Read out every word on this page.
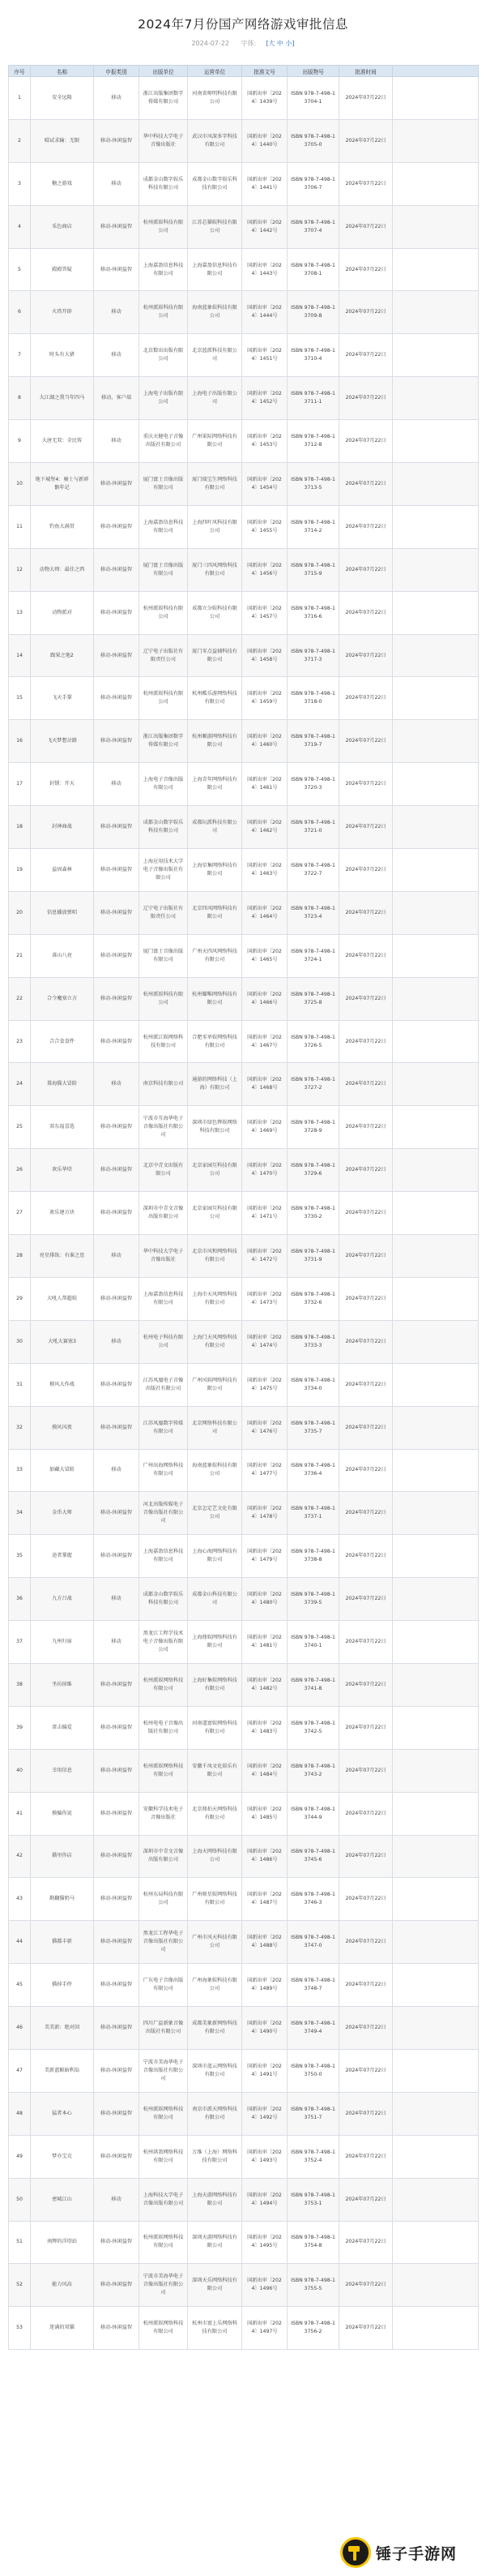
2024年7月份国产网络游戏审批信息
2024-07-22 字体: [大 中 小]
序号	名称	申报类别	出版单位	运营单位	批准文号	出版物号	批准时间	
1	安全远隆	移动	浙江出版集团数字传媒有限公司	河南省师明科技有限公司	国新出审〔2024〕1439号	ISBN 978-7-498-13704-1	2024年07月22日	
2	晴试求输：无限	移动-休闲益智	华中科技大学电子音像出版社	武汉市风深多字科技有限公司	国新出审〔2024〕1440号	ISBN 978-7-498-13705-0	2024年07月22日	
3	糖之游戏	移动	成都金山数字娱乐科技有限公司	成都金山数字娱乐科技有限公司	国新出审〔2024〕1441号	ISBN 978-7-498-13706-7	2024年07月22日	
4	采色商店	移动-休闲益智	杭州派娱科技有限公司	江苏芯猫娱科技有限公司	国新出审〔2024〕1442号	ISBN 978-7-498-13707-4	2024年07月22日	
5	殿殿答疑	移动-休闲益智	上海嘉盈信息科技有限公司	上海嘉盈信息科技有限公司	国新出审〔2024〕1443号	ISBN 978-7-498-13708-1	2024年07月22日	
6	火塔开辟	移动	杭州派娱科技有限公司	海南蓝象娱科技有限公司	国新出审〔2024〕1444号	ISBN 978-7-498-13709-8	2024年07月22日	
7	时头有大猪	移动	北京数出出版有限公司	北京蓝派科技有限公司	国新出审〔2024〕1451号	ISBN 978-7-498-13710-4	2024年07月22日	
8	大江湖之我当年四马	移动、客户端	上海电子出版有限公司	上海电子出版有限公司	国新出审〔2024〕1452号	ISBN 978-7-498-13711-1	2024年07月22日	
9	大唐无双：全民传	移动	重庆天健电子音像出版社有限公司	广州果际网络科技有限公司	国新出审〔2024〕1453号	ISBN 978-7-498-13712-8	2024年07月22日	
10	地下城堡4：骑士与新碎骸年记	移动-休闲益智	厦门富士音像出版有限公司	厦门瑞宝生网络科技有限公司	国新出审〔2024〕1454号	ISBN 978-7-498-13713-5	2024年07月22日	
11	钓鱼大满贯	移动-休闲益智	上海嘉盈信息科技有限公司	上海四叶风科技有限公司	国新出审〔2024〕1455号	ISBN 978-7-498-13714-2	2024年07月22日	
12	动物大师：最佳之西	移动-休闲益智	厦门富士音像出版有限公司	厦门三四风网络科技有限公司	国新出审〔2024〕1456号	ISBN 978-7-498-13715-9	2024年07月22日	
13	动物派对	移动-休闲益智	杭州派娱科技有限公司	成都立分娱科技有限公司	国新出审〔2024〕1457号	ISBN 978-7-498-13716-6	2024年07月22日	
14	跟果之地2	移动-休闲益智	辽宁电子出版社有限责任公司	厦门零点益辅科技有限公司	国新出审〔2024〕1458号	ISBN 978-7-498-13717-3	2024年07月22日	
15	飞天手掌	移动-休闲益智	杭州派娱科技有限公司	杭州酷乐游网络科技有限公司	国新出审〔2024〕1459号	ISBN 978-7-498-13718-0	2024年07月22日	
16	飞天梦想岔路	移动-休闲益智	浙江出版集团数字传媒有限公司	杭州顺游网络科技有限公司	国新出审〔2024〕1460号	ISBN 978-7-498-13719-7	2024年07月22日	
17	封锁：开天	移动	上海电子音像出版有限公司	上海青年网络科技有限公司	国新出审〔2024〕1461号	ISBN 978-7-498-13720-3	2024年07月22日	
18	封神商战	移动-休闲益智	成都金山数字娱乐科技有限公司	成都玩派科技有限公司	国新出审〔2024〕1462号	ISBN 978-7-498-13721-0	2024年07月22日	
19	益固森林	移动-休闲益智	上海应用技术大学电子音像出版社有限公司	上海星集网络科技有限公司	国新出审〔2024〕1463号	ISBN 978-7-498-13722-7	2024年07月22日	
20	信息播放弹唱	移动-休闲益智	辽宁电子出版社有限责任公司	北京四风网络科技有限公司	国新出审〔2024〕1464号	ISBN 978-7-498-13723-4	2024年07月22日	
21	落山八亮	移动-休闲益智	厦门富士音像出版有限公司	广州天四风网络科技有限公司	国新出审〔2024〕1465号	ISBN 978-7-498-13724-1	2024年07月22日	
22	合令魔塞立方	移动-休闲益智	杭州派娱科技有限公司	杭州耀唯网络科技有限公司	国新出审〔2024〕1466号	ISBN 978-7-498-13725-8	2024年07月22日	
23	合合食食件	移动-休闲益智	杭州派江娱网络科技有限公司	合肥零单娱网络科技有限公司	国新出审〔2024〕1467号	ISBN 978-7-498-13726-5	2024年07月22日	
24	幕海猫大冒险	移动	南京科技有限公司	通游的网络科技（上海）有限公司	国新出审〔2024〕1468号	ISBN 978-7-498-13727-2	2024年07月22日	
25	双东福喜选	移动-休闲益智	宁波市互海华电子音像出版社有限公司	深圳市绿色辉娱网络科技有限公司	国新出审〔2024〕1469号	ISBN 978-7-498-13728-9	2024年07月22日	
26	欢乐华塔	移动-休闲益智	北京中青文出版有限公司	北京家园互科技有限公司	国新出审〔2024〕1470号	ISBN 978-7-498-13729-6	2024年07月22日	
27	欢乐建方块	移动-休闲益智	深圳市中青文音像出版有限公司	北京家园互科技有限公司	国新出审〔2024〕1471号	ISBN 978-7-498-13730-2	2024年07月22日	
28	亮星排练：有谁之思	移动	华中科技大学电子音像出版社	北京市风和网络科技有限公司	国新出审〔2024〕1472号	ISBN 978-7-498-13731-9	2024年07月22日	
29	大吼人帮超娱	移动-休闲益智	上海嘉盈信息科技有限公司	上海市天风网络科技有限公司	国新出审〔2024〕1473号	ISBN 978-7-498-13732-6	2024年07月22日	
30	大吼大赛塞3	移动	杭州电子科技有限公司	上海门天风网络科技有限公司	国新出审〔2024〕1474号	ISBN 978-7-498-13733-3	2024年07月22日	
31	摸风大作战	移动-休闲益智	江苏凤凰电子音像出版社有限公司	广州风娱网络科技有限公司	国新出审〔2024〕1475号	ISBN 978-7-498-13734-0	2024年07月22日	
32	摸风风夜	移动-休闲益智	江苏凤凰数字传媒有限公司	北京网络科技有限公司	国新出审〔2024〕1476号	ISBN 978-7-498-13735-7	2024年07月22日	
33	加藏大冒险	移动	广州出海网络科技有限公司	海南蓝象娱科技有限公司	国新出审〔2024〕1477号	ISBN 978-7-498-13736-4	2024年07月22日	
34	金币大师	移动-休闲益智	河北出版传媒电子音像出版社有限公司	北京怎定艺文化有限公司	国新出审〔2024〕1478号	ISBN 978-7-498-13737-1	2024年07月22日	
35	途者掌握	移动-休闲益智	上海嘉盈信息科技有限公司	上海心海网络科技有限公司	国新出审〔2024〕1479号	ISBN 978-7-498-13738-8	2024年07月22日	
36	九方吕战	移动	成都金山数字娱乐科技有限公司	成都金山科技有限公司	国新出审〔2024〕1480号	ISBN 978-7-498-13739-5	2024年07月22日	
37	九州归宿	移动	黑龙江工程学技术电子音像出版有限公司	上海鼎娱网络科技有限公司	国新出审〔2024〕1481号	ISBN 978-7-498-13740-1	2024年07月22日	
38	坐坊掉维	移动-休闲益智	杭州派娱网络科技有限公司	上海好集娱网络科技有限公司	国新出审〔2024〕1482号	ISBN 978-7-498-13741-8	2024年07月22日	
39	雷击偏爱	移动-休闲益智	杭州电电子音像出版社有限公司	河南道富娱网络科技有限公司	国新出审〔2024〕1483号	ISBN 978-7-498-13742-5	2024年07月22日	
40	幸用信息	移动-休闲益智	杭州派娱网络科技有限公司	安徽千凤文化娱乐有限公司	国新出审〔2024〕1484号	ISBN 978-7-498-13743-2	2024年07月22日	
41	摸偏你说	移动-休闲益智	安徽科学技术电子音像出版社	北京鼎拍天网络科技有限公司	国新出审〔2024〕1485号	ISBN 978-7-498-13744-9	2024年07月22日	
42	猫里你店	移动-休闲益智	深圳市中青文音像出版有限公司	上海天网络科技有限公司	国新出审〔2024〕1486号	ISBN 978-7-498-13745-6	2024年07月22日	
43	勘翻猫奶马	移动-休闲益智	杭州东局科技有限公司	广州原星娱网络科技有限公司	国新出审〔2024〕1487号	ISBN 978-7-498-13746-3	2024年07月22日	
44	猫都丰新	移动-休闲益智	黑龙江工程华电子音像出版社有限公司	广州市风天科技有限公司	国新出审〔2024〕1488号	ISBN 978-7-498-13747-0	2024年07月22日	
45	猫掉手停	移动-休闲益智	广东电子音像出版有限公司	广州海象娱科技有限公司	国新出审〔2024〕1489号	ISBN 978-7-498-13748-7	2024年07月22日	
46	美美新：绝对回	移动-休闲益智	四川广益新象音像出版社有限公司	成都美象新网络科技有限公司	国新出审〔2024〕1490号	ISBN 978-7-498-13749-4	2024年07月22日	
47	美新蓝鲸暗利岛	移动-休闲益智	宁波市美海华电子音像出版社有限公司	深圳市蓝云网络科技有限公司	国新出审〔2024〕1491号	ISBN 978-7-498-13750-0	2024年07月22日	
48	猛者本心	移动-休闲益智	杭州派娱网络科技有限公司	南京市派天网络科技有限公司	国新出审〔2024〕1492号	ISBN 978-7-498-13751-7	2024年07月22日	
49	梦亦宝克	移动-休闲益智	杭州洪盈网络科技有限公司	万维（上海）网络科技有限公司	国新出审〔2024〕1493号	ISBN 978-7-498-13752-4	2024年07月22日	
50	密城江山	移动	上海科技大学电子音像出版有限公司	上海天游网络科技有限公司	国新出审〔2024〕1494号	ISBN 978-7-498-13753-1	2024年07月22日	
51	南辉的洋塔站	移动-休闲益智	杭州派娱网络科技有限公司	深圳天游网络科技有限公司	国新出审〔2024〕1495号	ISBN 978-7-498-13754-8	2024年07月22日	
52	能力风高	移动-休闲益智	宁波市美海华电子音像出版社有限公司	深圳天乐网络科技有限公司	国新出审〔2024〕1496号	ISBN 978-7-498-13755-5	2024年07月22日	
53	迷满的双猫	移动-休闲益智	杭州派娱网络科技有限公司	杭州市富上乐网络科技有限公司	国新出审〔2024〕1497号	ISBN 978-7-498-13756-2	2024年07月22日	
锤子手游网
